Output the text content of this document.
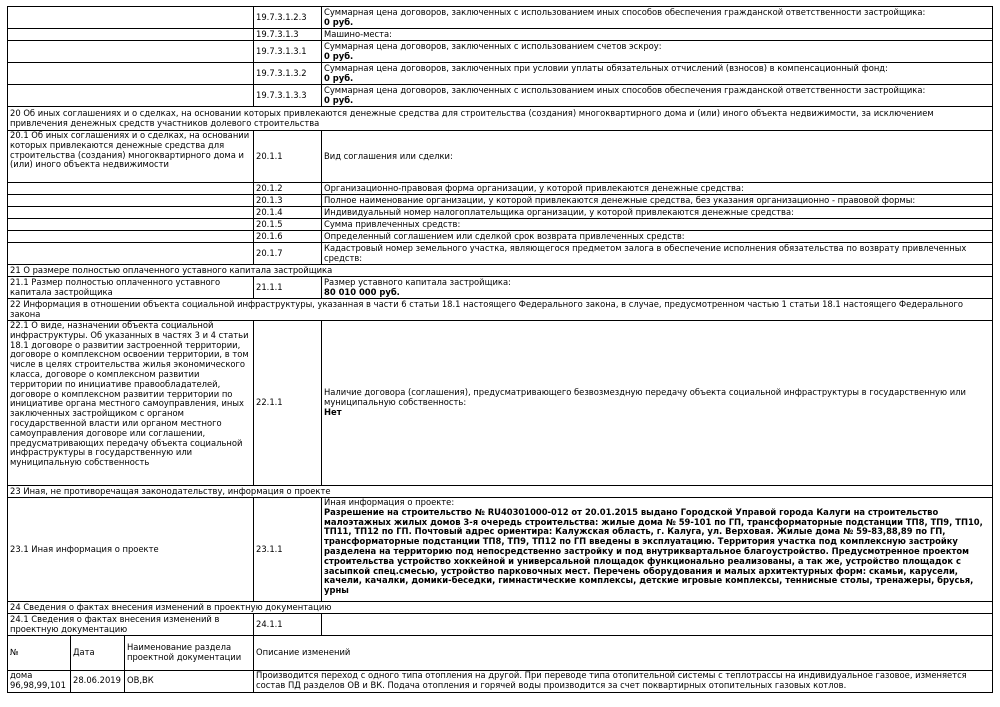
	19.7.3.1.2.3	Суммарная цена договоров, заключенных с использованием иных способов обеспечения гражданской ответственности застройщика:
0 руб.
	19.7.3.1.3	Машино-места:
	19.7.3.1.3.1	Суммарная цена договоров, заключенных с использованием счетов эскроу:
0 руб.
	19.7.3.1.3.2	Суммарная цена договоров, заключенных при условии уплаты обязательных отчислений (взносов) в компенсационный фонд:
0 руб.
	19.7.3.1.3.3	Суммарная цена договоров, заключенных с использованием иных способов обеспечения гражданской ответственности застройщика:
0 руб.
20 Об иных соглашениях и о сделках, на основании которых привлекаются денежные средства для строительства (создания) многоквартирного дома и (или) иного объекта недвижимости, за исключением привлечения денежных средств участников долевого строительства		
20.1 Об иных соглашениях и о сделках, на основании которых привлекаются денежные средства для строительства (создания) многоквартирного дома и (или) иного объекта недвижимости	20.1.1	Вид соглашения или сделки:
	20.1.2	Организационно-правовая форма организации, у которой привлекаются денежные средства:
	20.1.3	Полное наименование организации, у которой привлекаются денежные средства, без указания организационно - правовой формы:
	20.1.4	Индивидуальный номер налогоплательщика организации, у которой привлекаются денежные средства:
	20.1.5	Сумма привлеченных средств:
	20.1.6	Определенный соглашением или сделкой срок возврата привлеченных средств:
	20.1.7	Кадастровый номер земельного участка, являющегося предметом залога в обеспечение исполнения обязательства по возврату привлеченных средств:
21 О размере полностью оплаченного уставного капитала застройщика		
21.1 Размер полностью оплаченного уставного капитала застройщика	21.1.1	Размер уставного капитала застройщика:
80 010 000 руб.
22 Информация в отношении объекта социальной инфраструктуры, указанная в части 6 статьи 18.1 настоящего Федерального закона, в случае, предусмотренном частью 1 статьи 18.1 настоящего Федерального закона		
22.1 О виде, назначении объекта социальной инфраструктуры. Об указанных в частях 3 и 4 статьи 18.1 договоре о развитии застроенной территории, договоре о комплексном освоении территории, в том числе в целях строительства жилья экономического класса, договоре о комплексном развитии территории по инициативе правообладателей, договоре о комплексном развитии территории по инициативе органа местного самоуправления, иных заключенных застройщиком с органом государственной власти или органом местного самоуправления договоре или соглашении, предусматривающих передачу объекта социальной инфраструктуры в государственную или муниципальную собственность	22.1.1	Наличие договора (соглашения), предусматривающего безвозмездную передачу объекта социальной инфраструктуры в государственную или муниципальную собственность:
Нет
23 Иная, не противоречащая законодательству, информация о проекте		
23.1 Иная информация о проекте	23.1.1	Иная информация о проекте:
Разрешение на строительство № RU40301000-012 от 20.01.2015 выдано Городской Управой города Калуги на строительство малоэтажных жилых домов 3-я очередь строительства: жилые дома № 59-101 по ГП, трансформаторные подстанции ТП8, ТП9, ТП10, ТП11, ТП12 по ГП. Почтовый адрес ориентира: Калужская область, г. Калуга, ул. Верховая. Жилые дома № 59-83,88,89 по ГП, трансформаторные подстанции ТП8, ТП9, ТП12 по ГП введены в эксплуатацию. Территория участка под комплексную застройку разделена на территорию под непосредственно застройку и под внутриквартальное благоустройство. Предусмотренное проектом строительства устройство хоккейной и универсальной площадок функционально реализованы, а так же, устройство площадок с засыпкой спец.смесью, устройство парковочных мест. Перечень оборудования и малых архитектурных форм: скамьи, карусели, качели, качалки, домики-беседки, гимнастические комплексы, детские игровые комплексы, теннисные столы, тренажеры, брусья, урны
24 Сведения о фактах внесения изменений в проектную документацию		
24.1 Сведения о фактах внесения изменений в проектную документацию	24.1.1	
№	Дата	Наименование раздела проектной документации	Описание изменений
дома 96,98,99,101	28.06.2019	ОВ,ВК	Производится переход с одного типа отопления на другой. При переводе типа отопительной системы с теплотрассы на индивидуальное газовое, изменяется состав ПД разделов ОВ и ВК. Подача отопления и горячей воды производится за счет поквартирных отопительных газовых котлов.
